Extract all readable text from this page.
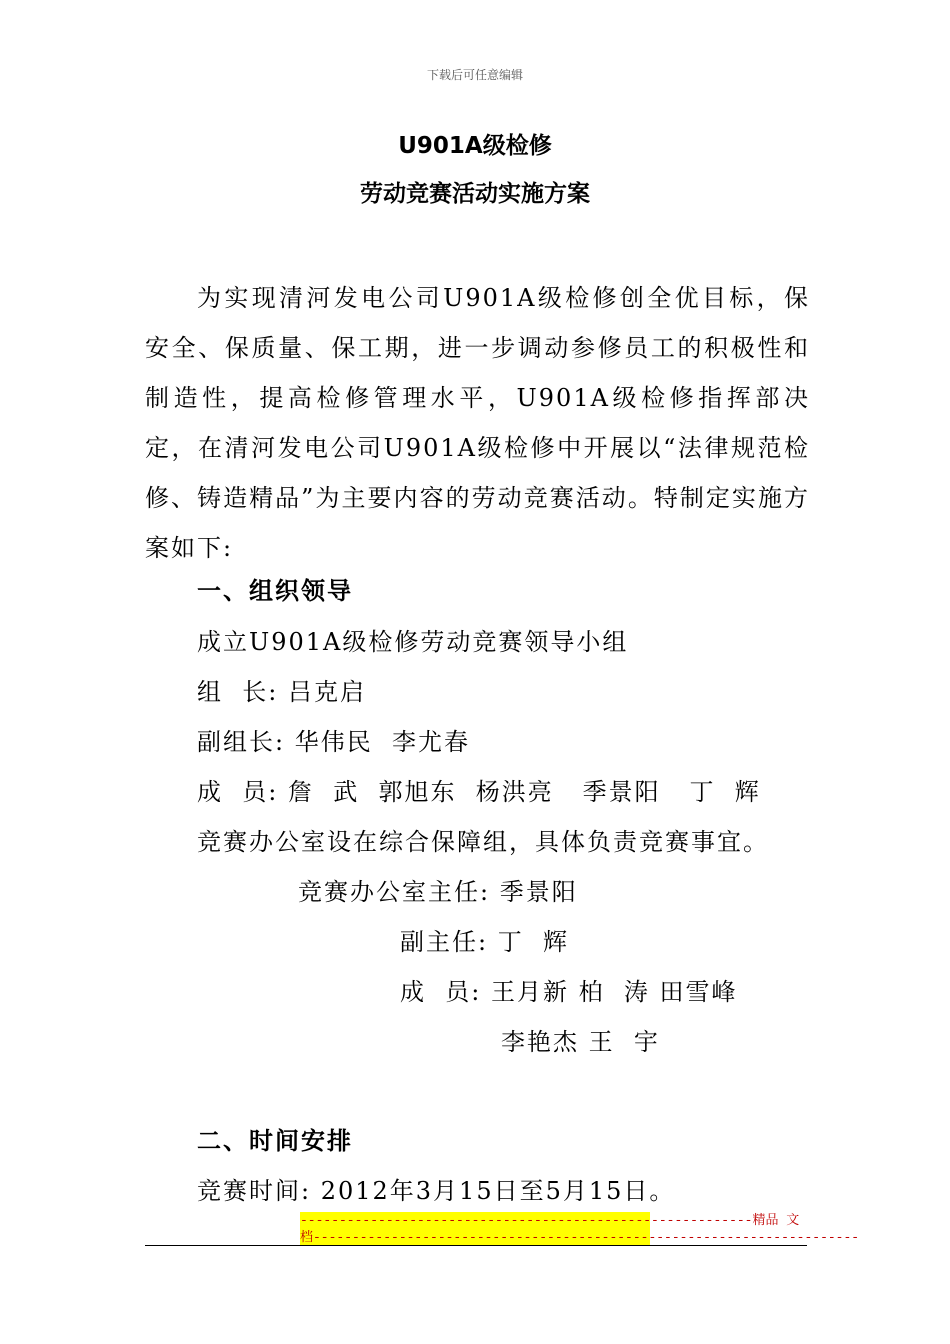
下载后可任意编辑
U901A级检修
劳动竞赛活动实施方案

为实现清河发电公司U901A级检修创全优目标，保安全、保质量、保工期，进一步调动参修员工的积极性和制造性，提高检修管理水平，U901A级检修指挥部决定，在清河发电公司U901A级检修中开展以“法律规范检修、铸造精品”为主要内容的劳动竞赛活动。特制定实施方案如下:

一、组织领导
成立U901A级检修劳动竞赛领导小组
组  长: 吕克启
副组长: 华伟民  李尤春
成  员: 詹  武  郭旭东  杨洪亮   季景阳   丁  辉
竞赛办公室设在综合保障组，具体负责竞赛事宜。
竞赛办公室主任: 季景阳
副主任: 丁  辉
成  员: 王月新 柏  涛 田雪峰
李艳杰 王  宇
二、时间安排
竞赛时间: 2012年3月15日至5月15日。
----------------------------------------------------------精品 文
档----------------------------------------------------------------------
